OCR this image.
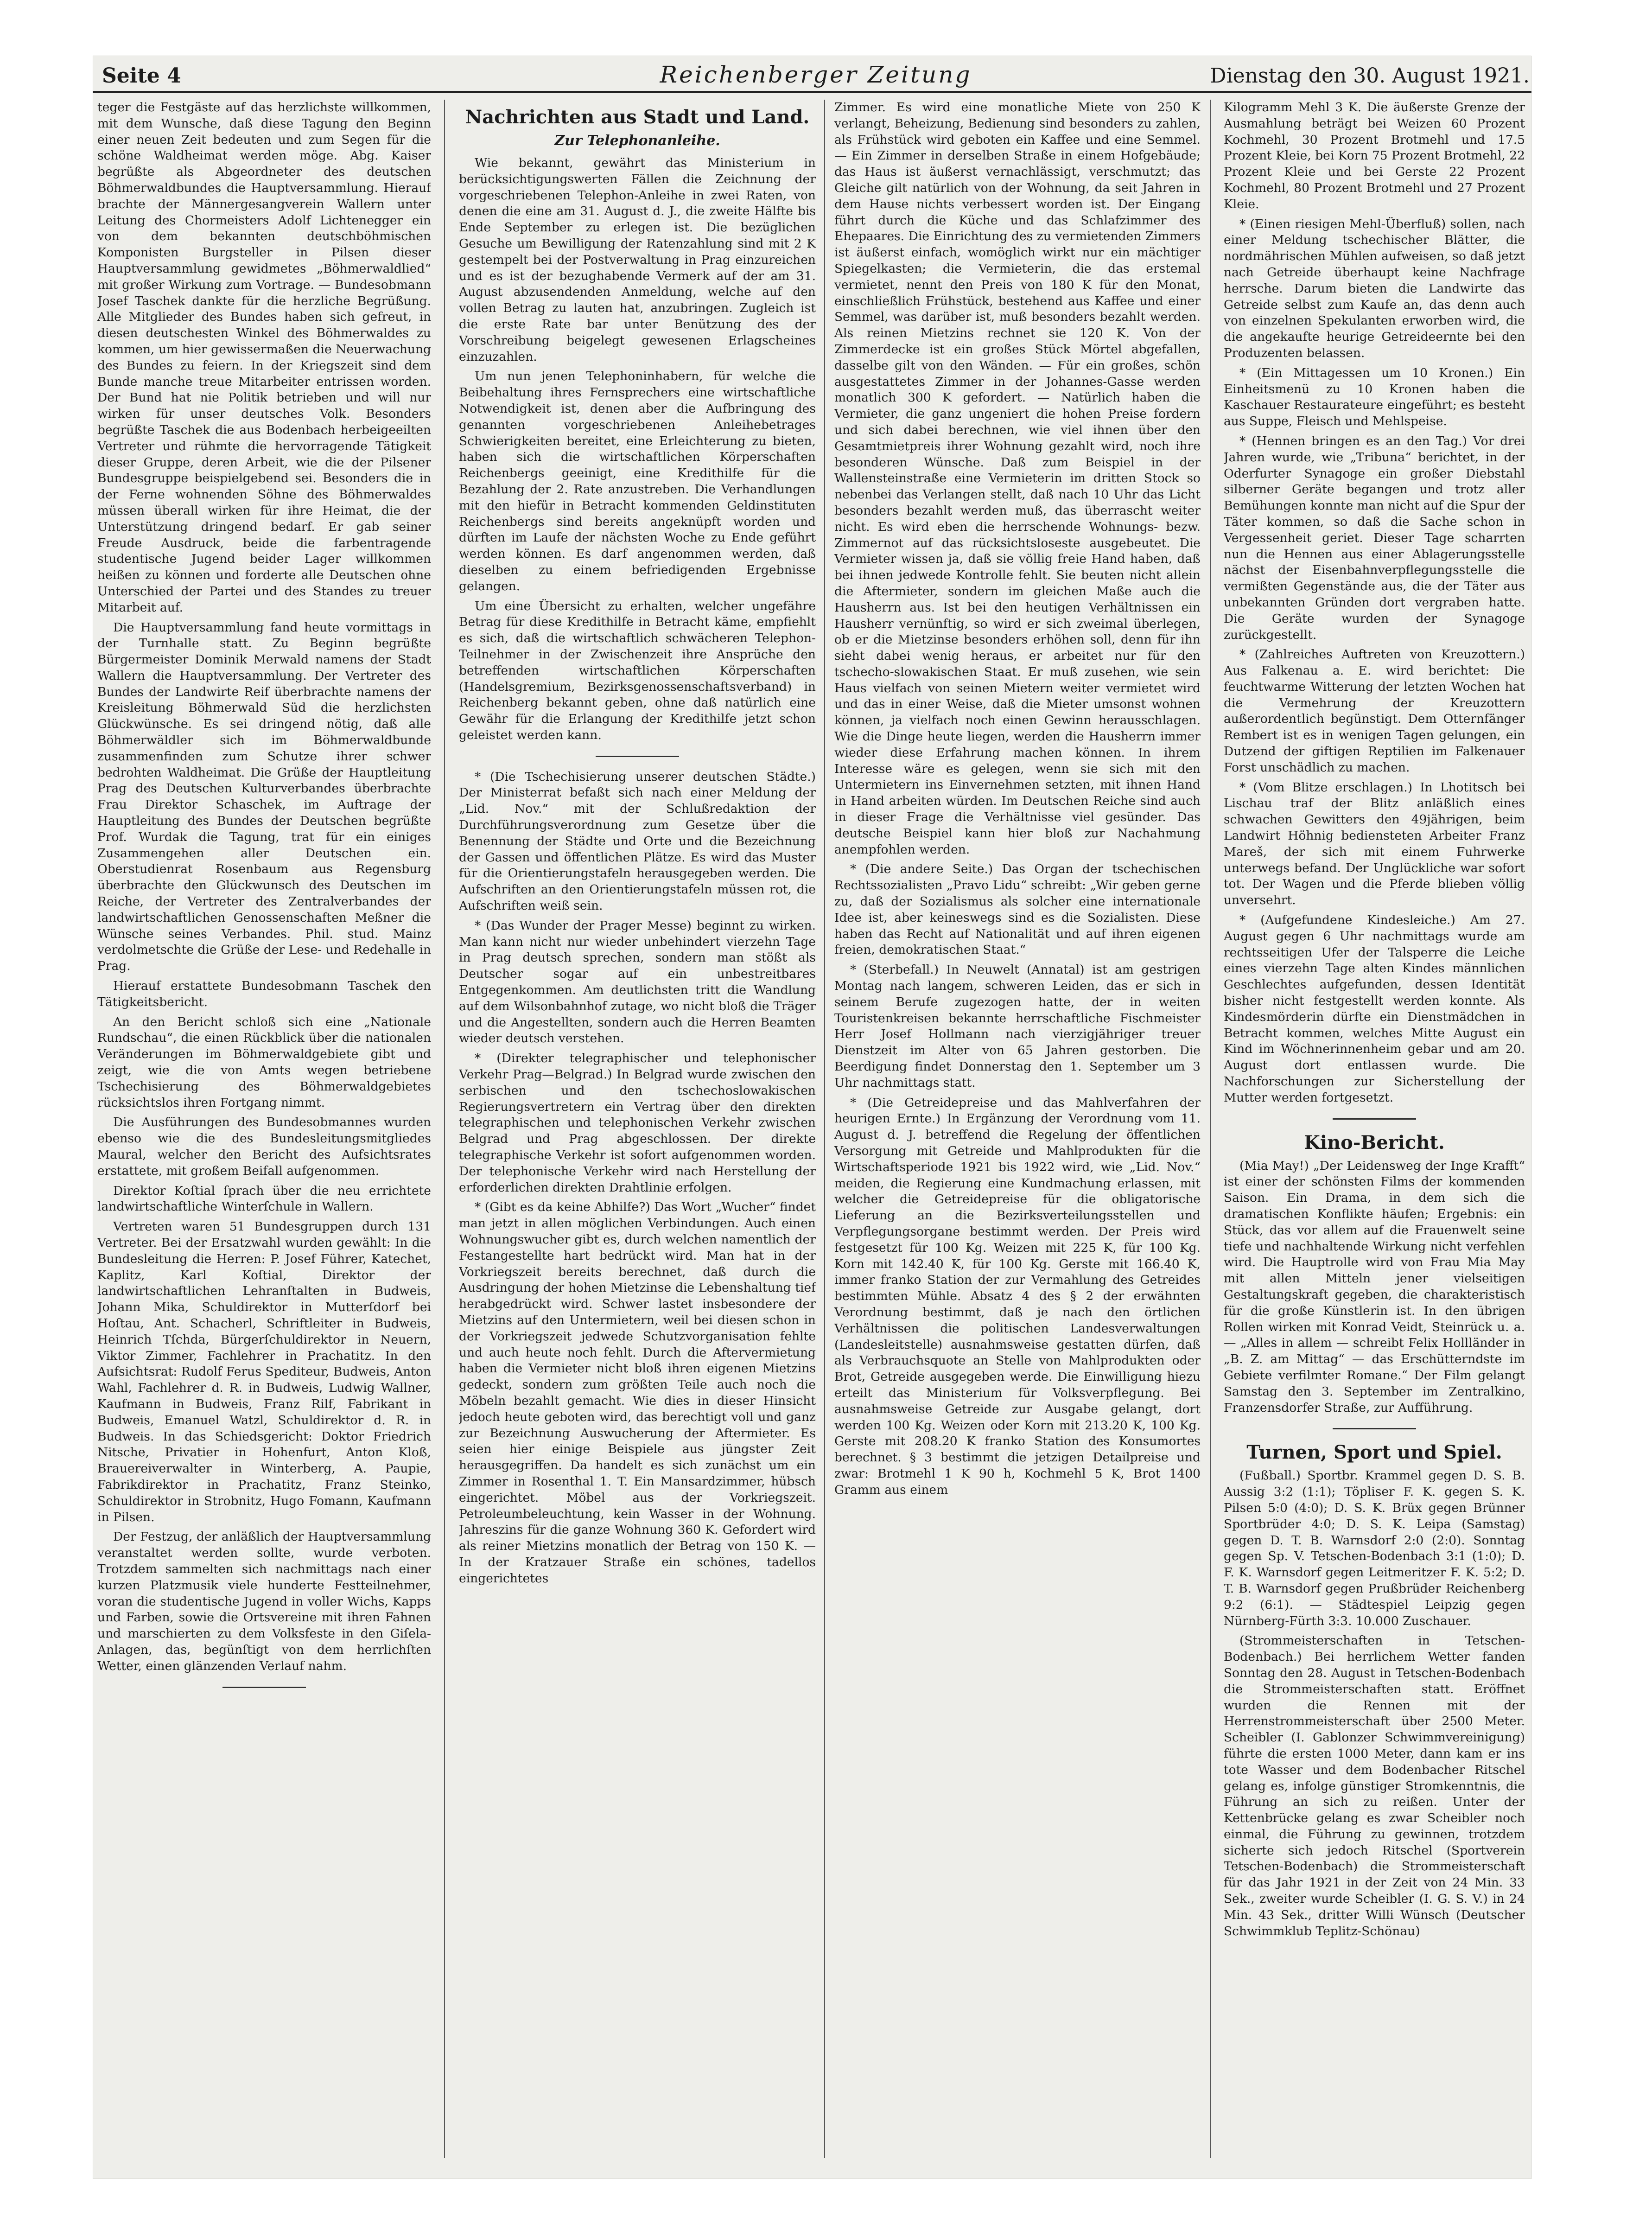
Seite 4	Reichenberger Zeitung	Dienstag den 30. August 1921.

teger die Festgäste auf das herzlichste willkommen, mit dem Wunsche, daß diese Tagung den Beginn einer neuen Zeit bedeuten und zum Segen für die schöne Waldheimat werden möge. Abg. Kaiser begrüßte als Abgeordneter des deutschen Böhmerwaldbundes die Hauptversammlung. Hierauf brachte der Männergesangverein Wallern unter Leitung des Chormeisters Adolf Lichtenegger ein von dem bekannten deutschböhmischen Komponisten Burgsteller in Pilsen dieser Hauptversammlung gewidmetes „Böhmerwaldlied“ mit großer Wirkung zum Vortrage. — Bundesobmann Josef Taschek dankte für die herzliche Begrüßung. Alle Mitglieder des Bundes haben sich gefreut, in diesen deutschesten Winkel des Böhmerwaldes zu kommen, um hier gewissermaßen die Neuerwachung des Bundes zu feiern. In der Kriegszeit sind dem Bunde manche treue Mitarbeiter entrissen worden. Der Bund hat nie Politik betrieben und will nur wirken für unser deutsches Volk. Besonders begrüßte Taschek die aus Bodenbach herbeigeeilten Vertreter und rühmte die hervorragende Tätigkeit dieser Gruppe, deren Arbeit, wie die der Pilsener Bundesgruppe beispielgebend sei. Besonders die in der Ferne wohnenden Söhne des Böhmerwaldes müssen überall wirken für ihre Heimat, die der Unterstützung dringend bedarf. Er gab seiner Freude Ausdruck, beide die farbentragende studentische Jugend beider Lager willkommen heißen zu können und forderte alle Deutschen ohne Unterschied der Partei und des Standes zu treuer Mitarbeit auf.

Die Hauptversammlung fand heute vormittags in der Turnhalle statt. Zu Beginn begrüßte Bürgermeister Dominik Merwald namens der Stadt Wallern die Hauptversammlung. Der Vertreter des Bundes der Landwirte Reif überbrachte namens der Kreisleitung Böhmerwald Süd die herzlichsten Glückwünsche. Es sei dringend nötig, daß alle Böhmerwäldler sich im Böhmerwaldbunde zusammenfinden zum Schutze ihrer schwer bedrohten Waldheimat. Die Grüße der Hauptleitung Prag des Deutschen Kulturverbandes überbrachte Frau Direktor Schaschek, im Auftrage der Hauptleitung des Bundes der Deutschen begrüßte Prof. Wurdak die Tagung, trat für ein einiges Zusammengehen aller Deutschen ein. Oberstudienrat Rosenbaum aus Regensburg überbrachte den Glückwunsch des Deutschen im Reiche, der Vertreter des Zentralverbandes der landwirtschaftlichen Genossenschaften Meßner die Wünsche seines Verbandes. Phil. stud. Mainz verdolmetschte die Grüße der Lese- und Redehalle in Prag.

Hierauf erstattete Bundesobmann Taschek den Tätigkeitsbericht.

An den Bericht schloß sich eine „Nationale Rundschau“, die einen Rückblick über die nationalen Veränderungen im Böhmerwaldgebiete gibt und zeigt, wie die von Amts wegen betriebene Tschechisierung des Böhmerwaldgebietes rücksichtslos ihren Fortgang nimmt.

Die Ausführungen des Bundesobmannes wurden ebenso wie die des Bundesleitungsmitgliedes Maural, welcher den Bericht des Aufsichtsrates erstattete, mit großem Beifall aufgenommen.

Direktor Koſtial ſprach über die neu errichtete landwirtschaftliche Winterſchule in Wallern.

Vertreten waren 51 Bundesgruppen durch 131 Vertreter. Bei der Ersatzwahl wurden gewählt: In die Bundesleitung die Herren: P. Josef Führer, Katechet, Kaplitz, Karl Koſtial, Direktor der landwirtschaftlichen Lehranſtalten in Budweis, Johann Mika, Schuldirektor in Mutterſdorf bei Hoſtau, Ant. Schacherl, Schriftleiter in Budweis, Heinrich Tſchda, Bürgerſchuldirektor in Neuern, Viktor Zimmer, Fachlehrer in Prachatitz. In den Aufsichtsrat: Rudolf Ferus Spediteur, Budweis, Anton Wahl, Fachlehrer d. R. in Budweis, Ludwig Wallner, Kaufmann in Budweis, Franz Rilf, Fabrikant in Budweis, Emanuel Watzl, Schuldirektor d. R. in Budweis. In das Schiedsgericht: Doktor Friedrich Nitsche, Privatier in Hohenfurt, Anton Kloß, Brauereiverwalter in Winterberg, A. Paupie, Fabrikdirektor in Prachatitz, Franz Steinko, Schuldirektor in Strobnitz, Hugo Fomann, Kaufmann in Pilsen.

Der Festzug, der anläßlich der Hauptversammlung veranstaltet werden sollte, wurde verboten. Trotzdem sammelten sich nachmittags nach einer kurzen Platzmusik viele hunderte Festteilnehmer, voran die studentische Jugend in voller Wichs, Kapps und Farben, sowie die Ortsvereine mit ihren Fahnen und marschierten zu dem Volksfeste in den Giſela-Anlagen, das, begünſtigt von dem herrlichſten Wetter, einen glänzenden Verlauf nahm.

Nachrichten aus Stadt und Land.
Zur Telephonanleihe.

Wie bekannt, gewährt das Ministerium in berücksichtigungswerten Fällen die Zeichnung der vorgeschriebenen Telephon-Anleihe in zwei Raten, von denen die eine am 31. August d. J., die zweite Hälfte bis Ende September zu erlegen ist. Die bezüglichen Gesuche um Bewilligung der Ratenzahlung sind mit 2 K gestempelt bei der Postverwaltung in Prag einzureichen und es ist der bezughabende Vermerk auf der am 31. August abzusendenden Anmeldung, welche auf den vollen Betrag zu lauten hat, anzubringen. Zugleich ist die erste Rate bar unter Benützung des der Vorschreibung beigelegt gewesenen Erlagscheines einzuzahlen.

Um nun jenen Telephoninhabern, für welche die Beibehaltung ihres Fernsprechers eine wirtschaftliche Notwendigkeit ist, denen aber die Aufbringung des genannten vorgeschriebenen Anleihebetrages Schwierigkeiten bereitet, eine Erleichterung zu bieten, haben sich die wirtschaftlichen Körperschaften Reichenbergs geeinigt, eine Kredithilfe für die Bezahlung der 2. Rate anzustreben. Die Verhandlungen mit den hiefür in Betracht kommenden Geldinstituten Reichenbergs sind bereits angeknüpft worden und dürften im Laufe der nächsten Woche zu Ende geführt werden können. Es darf angenommen werden, daß dieselben zu einem befriedigenden Ergebnisse gelangen.

Um eine Übersicht zu erhalten, welcher ungefähre Betrag für diese Kredithilfe in Betracht käme, empfiehlt es sich, daß die wirtschaftlich schwächeren Telephon-Teilnehmer in der Zwischenzeit ihre Ansprüche den betreffenden wirtschaftlichen Körperschaften (Handelsgremium, Bezirksgenossenschaftsverband) in Reichenberg bekannt geben, ohne daß natürlich eine Gewähr für die Erlangung der Kredithilfe jetzt schon geleistet werden kann.

* (Die Tschechisierung unserer deutschen Städte.) Der Ministerrat befaßt sich nach einer Meldung der „Lid. Nov.“ mit der Schlußredaktion der Durchführungsverordnung zum Gesetze über die Benennung der Städte und Orte und die Bezeichnung der Gassen und öffentlichen Plätze. Es wird das Muster für die Orientierungstafeln herausgegeben werden. Die Aufschriften an den Orientierungstafeln müssen rot, die Aufschriften weiß sein.

* (Das Wunder der Prager Messe) beginnt zu wirken. Man kann nicht nur wieder unbehindert vierzehn Tage in Prag deutsch sprechen, sondern man stößt als Deutscher sogar auf ein unbestreitbares Entgegenkommen. Am deutlichsten tritt die Wandlung auf dem Wilsonbahnhof zutage, wo nicht bloß die Träger und die Angestellten, sondern auch die Herren Beamten wieder deutsch verstehen.

* (Direkter telegraphischer und telephonischer Verkehr Prag—Belgrad.) In Belgrad wurde zwischen den serbischen und den tschechoslowakischen Regierungsvertretern ein Vertrag über den direkten telegraphischen und telephonischen Verkehr zwischen Belgrad und Prag abgeschlossen. Der direkte telegraphische Verkehr ist sofort aufgenommen worden. Der telephonische Verkehr wird nach Herstellung der erforderlichen direkten Drahtlinie erfolgen.

* (Gibt es da keine Abhilfe?) Das Wort „Wucher“ findet man jetzt in allen möglichen Verbindungen. Auch einen Wohnungswucher gibt es, durch welchen namentlich der Festangestellte hart bedrückt wird. Man hat in der Vorkriegszeit bereits berechnet, daß durch die Ausdringung der hohen Mietzinse die Lebenshaltung tief herabgedrückt wird. Schwer lastet insbesondere der Mietzins auf den Untermietern, weil bei diesen schon in der Vorkriegszeit jedwede Schutzvorganisation fehlte und auch heute noch fehlt. Durch die Aftervermietung haben die Vermieter nicht bloß ihren eigenen Mietzins gedeckt, sondern zum größten Teile auch noch die Möbeln bezahlt gemacht. Wie dies in dieser Hinsicht jedoch heute geboten wird, das berechtigt voll und ganz zur Bezeichnung Auswucherung der Aftermieter. Es seien hier einige Beispiele aus jüngster Zeit herausgegriffen. Da handelt es sich zunächst um ein Zimmer in Rosenthal 1. T. Ein Mansardzimmer, hübsch eingerichtet. Möbel aus der Vorkriegszeit. Petroleumbeleuchtung, kein Wasser in der Wohnung. Jahreszins für die ganze Wohnung 360 K. Gefordert wird als reiner Mietzins monatlich der Betrag von 150 K. — In der Kratzauer Straße ein schönes, tadellos eingerichtetes

Zimmer. Es wird eine monatliche Miete von 250 K verlangt, Beheizung, Bedienung sind besonders zu zahlen, als Frühstück wird geboten ein Kaffee und eine Semmel. — Ein Zimmer in derselben Straße in einem Hofgebäude; das Haus ist äußerst vernachlässigt, verschmutzt; das Gleiche gilt natürlich von der Wohnung, da seit Jahren in dem Hause nichts verbessert worden ist. Der Eingang führt durch die Küche und das Schlafzimmer des Ehepaares. Die Einrichtung des zu vermietenden Zimmers ist äußerst einfach, womöglich wirkt nur ein mächtiger Spiegelkasten; die Vermieterin, die das erstemal vermietet, nennt den Preis von 180 K für den Monat, einschließlich Frühstück, bestehend aus Kaffee und einer Semmel, was darüber ist, muß besonders bezahlt werden. Als reinen Mietzins rechnet sie 120 K. Von der Zimmerdecke ist ein großes Stück Mörtel abgefallen, dasselbe gilt von den Wänden. — Für ein großes, schön ausgestattetes Zimmer in der Johannes-Gasse werden monatlich 300 K gefordert. — Natürlich haben die Vermieter, die ganz ungeniert die hohen Preise fordern und sich dabei berechnen, wie viel ihnen über den Gesamtmietpreis ihrer Wohnung gezahlt wird, noch ihre besonderen Wünsche. Daß zum Beispiel in der Wallensteinstraße eine Vermieterin im dritten Stock so nebenbei das Verlangen stellt, daß nach 10 Uhr das Licht besonders bezahlt werden muß, das überrascht weiter nicht. Es wird eben die herrschende Wohnungs- bezw. Zimmernot auf das rücksichtsloseste ausgebeutet. Die Vermieter wissen ja, daß sie völlig freie Hand haben, daß bei ihnen jedwede Kontrolle fehlt. Sie beuten nicht allein die Aftermieter, sondern im gleichen Maße auch die Hausherrn aus. Ist bei den heutigen Verhältnissen ein Hausherr vernünftig, so wird er sich zweimal überlegen, ob er die Mietzinse besonders erhöhen soll, denn für ihn sieht dabei wenig heraus, er arbeitet nur für den tschecho-slowakischen Staat. Er muß zusehen, wie sein Haus vielfach von seinen Mietern weiter vermietet wird und das in einer Weise, daß die Mieter umsonst wohnen können, ja vielfach noch einen Gewinn herausschlagen. Wie die Dinge heute liegen, werden die Hausherrn immer wieder diese Erfahrung machen können. In ihrem Interesse wäre es gelegen, wenn sie sich mit den Untermietern ins Einvernehmen setzten, mit ihnen Hand in Hand arbeiten würden. Im Deutschen Reiche sind auch in dieser Frage die Verhältnisse viel gesünder. Das deutsche Beispiel kann hier bloß zur Nachahmung anempfohlen werden.

* (Die andere Seite.) Das Organ der tschechischen Rechtssozialisten „Pravo Lidu“ schreibt: „Wir geben gerne zu, daß der Sozialismus als solcher eine internationale Idee ist, aber keineswegs sind es die Sozialisten. Diese haben das Recht auf Nationalität und auf ihren eigenen freien, demokratischen Staat.“

* (Sterbefall.) In Neuwelt (Annatal) ist am gestrigen Montag nach langem, schweren Leiden, das er sich in seinem Berufe zugezogen hatte, der in weiten Touristenkreisen bekannte herrschaftliche Fischmeister Herr Josef Hollmann nach vierzigjähriger treuer Dienstzeit im Alter von 65 Jahren gestorben. Die Beerdigung findet Donnerstag den 1. September um 3 Uhr nachmittags statt.

* (Die Getreidepreise und das Mahlverfahren der heurigen Ernte.) In Ergänzung der Verordnung vom 11. August d. J. betreffend die Regelung der öffentlichen Versorgung mit Getreide und Mahlprodukten für die Wirtschaftsperiode 1921 bis 1922 wird, wie „Lid. Nov.“ meiden, die Regierung eine Kundmachung erlassen, mit welcher die Getreidepreise für die obligatorische Lieferung an die Bezirksverteilungsstellen und Verpflegungsorgane bestimmt werden. Der Preis wird festgesetzt für 100 Kg. Weizen mit 225 K, für 100 Kg. Korn mit 142.40 K, für 100 Kg. Gerste mit 166.40 K, immer franko Station der zur Vermahlung des Getreides bestimmten Mühle. Absatz 4 des § 2 der erwähnten Verordnung bestimmt, daß je nach den örtlichen Verhältnissen die politischen Landesverwaltungen (Landesleitstelle) ausnahmsweise gestatten dürfen, daß als Verbrauchsquote an Stelle von Mahlprodukten oder Brot, Getreide ausgegeben werde. Die Einwilligung hiezu erteilt das Ministerium für Volksverpflegung. Bei ausnahmsweise Getreide zur Ausgabe gelangt, dort werden 100 Kg. Weizen oder Korn mit 213.20 K, 100 Kg. Gerste mit 208.20 K franko Station des Konsumortes berechnet. § 3 bestimmt die jetzigen Detailpreise und zwar: Brotmehl 1 K 90 h, Kochmehl 5 K, Brot 1400 Gramm aus einem

Kilogramm Mehl 3 K. Die äußerste Grenze der Ausmahlung beträgt bei Weizen 60 Prozent Kochmehl, 30 Prozent Brotmehl und 17.5 Prozent Kleie, bei Korn 75 Prozent Brotmehl, 22 Prozent Kleie und bei Gerste 22 Prozent Kochmehl, 80 Prozent Brotmehl und 27 Prozent Kleie.

* (Einen riesigen Mehl-Überfluß) sollen, nach einer Meldung tschechischer Blätter, die nordmährischen Mühlen aufweisen, so daß jetzt nach Getreide überhaupt keine Nachfrage herrsche. Darum bieten die Landwirte das Getreide selbst zum Kaufe an, das denn auch von einzelnen Spekulanten erworben wird, die die angekaufte heurige Getreideernte bei den Produzenten belassen.

* (Ein Mittagessen um 10 Kronen.) Ein Einheitsmenü zu 10 Kronen haben die Kaschauer Restaurateure eingeführt; es besteht aus Suppe, Fleisch und Mehlspeise.

* (Hennen bringen es an den Tag.) Vor drei Jahren wurde, wie „Tribuna“ berichtet, in der Oderfurter Synagoge ein großer Diebstahl silberner Geräte begangen und trotz aller Bemühungen konnte man nicht auf die Spur der Täter kommen, so daß die Sache schon in Vergessenheit geriet. Dieser Tage scharrten nun die Hennen aus einer Ablagerungsstelle nächst der Eisenbahnverpflegungsstelle die vermißten Gegenstände aus, die der Täter aus unbekannten Gründen dort vergraben hatte. Die Geräte wurden der Synagoge zurückgestellt.

* (Zahlreiches Auftreten von Kreuzottern.) Aus Falkenau a. E. wird berichtet: Die feuchtwarme Witterung der letzten Wochen hat die Vermehrung der Kreuzottern außerordentlich begünstigt. Dem Otternfänger Rembert ist es in wenigen Tagen gelungen, ein Dutzend der giftigen Reptilien im Falkenauer Forst unschädlich zu machen.

* (Vom Blitze erschlagen.) In Lhotitsch bei Lischau traf der Blitz anläßlich eines schwachen Gewitters den 49jährigen, beim Landwirt Höhnig bediensteten Arbeiter Franz Mareš, der sich mit einem Fuhrwerke unterwegs befand. Der Unglückliche war sofort tot. Der Wagen und die Pferde blieben völlig unversehrt.

* (Aufgefundene Kindesleiche.) Am 27. August gegen 6 Uhr nachmittags wurde am rechtsseitigen Ufer der Talsperre die Leiche eines vierzehn Tage alten Kindes männlichen Geschlechtes aufgefunden, dessen Identität bisher nicht festgestellt werden konnte. Als Kindesmörderin dürfte ein Dienstmädchen in Betracht kommen, welches Mitte August ein Kind im Wöchnerinnenheim gebar und am 20. August dort entlassen wurde. Die Nachforschungen zur Sicherstellung der Mutter werden fortgesetzt.

Kino-Bericht.

(Mia May!) „Der Leidensweg der Inge Krafft“ ist einer der schönsten Films der kommenden Saison. Ein Drama, in dem sich die dramatischen Konflikte häufen; Ergebnis: ein Stück, das vor allem auf die Frauenwelt seine tiefe und nachhaltende Wirkung nicht verfehlen wird. Die Hauptrolle wird von Frau Mia May mit allen Mitteln jener vielseitigen Gestaltungskraft gegeben, die charakteristisch für die große Künstlerin ist. In den übrigen Rollen wirken mit Konrad Veidt, Steinrück u. a. — „Alles in allem — schreibt Felix Hollländer in „B. Z. am Mittag“ — das Erschütterndste im Gebiete verfilmter Romane.“ Der Film gelangt Samstag den 3. September im Zentralkino, Franzensdorfer Straße, zur Aufführung.

Turnen, Sport und Spiel.

(Fußball.) Sportbr. Krammel gegen D. S. B. Aussig 3:2 (1:1); Töpliser F. K. gegen S. K. Pilsen 5:0 (4:0); D. S. K. Brüx gegen Brünner Sportbrüder 4:0; D. S. K. Leipa (Samstag) gegen D. T. B. Warnsdorf 2:0 (2:0). Sonntag gegen Sp. V. Tetschen-Bodenbach 3:1 (1:0); D. F. K. Warnsdorf gegen Leitmeritzer F. K. 5:2; D. T. B. Warnsdorf gegen Prußbrüder Reichenberg 9:2 (6:1). — Städtespiel Leipzig gegen Nürnberg-Fürth 3:3. 10.000 Zuschauer.

(Strommeisterschaften in Tetschen-Bodenbach.) Bei herrlichem Wetter fanden Sonntag den 28. August in Tetschen-Bodenbach die Strommeisterschaften statt. Eröffnet wurden die Rennen mit der Herrenstrommeisterschaft über 2500 Meter. Scheibler (I. Gablonzer Schwimmvereinigung) führte die ersten 1000 Meter, dann kam er ins tote Wasser und dem Bodenbacher Ritschel gelang es, infolge günstiger Stromkenntnis, die Führung an sich zu reißen. Unter der Kettenbrücke gelang es zwar Scheibler noch einmal, die Führung zu gewinnen, trotzdem sicherte sich jedoch Ritschel (Sportverein Tetschen-Bodenbach) die Strommeisterschaft für das Jahr 1921 in der Zeit von 24 Min. 33 Sek., zweiter wurde Scheibler (I. G. S. V.) in 24 Min. 43 Sek., dritter Willi Wünsch (Deutscher Schwimmklub Teplitz-Schönau)
